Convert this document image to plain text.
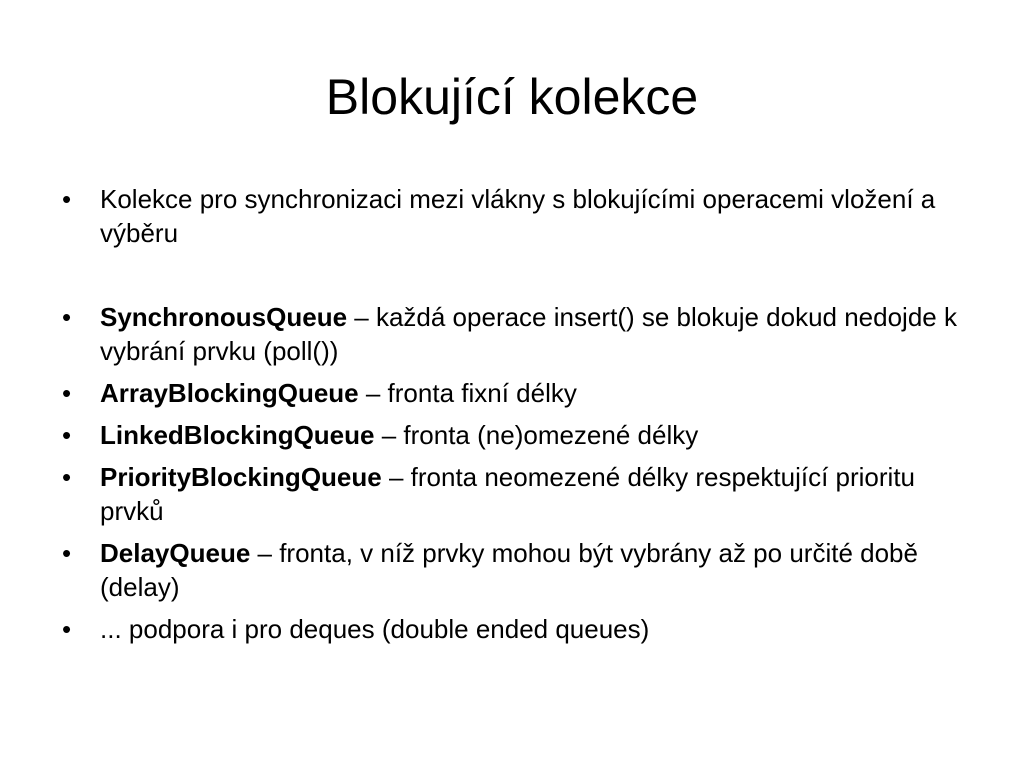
Blokující kolekce
•	Kolekce pro synchronizaci mezi vlákny s blokujícími operacemi vložení a výběru
•	SynchronousQueue – každá operace insert() se blokuje dokud nedojde k vybrání prvku (poll())
•	ArrayBlockingQueue – fronta fixní délky
•	LinkedBlockingQueue – fronta (ne)omezené délky
•	PriorityBlockingQueue – fronta neomezené délky respektující prioritu prvků
•	DelayQueue – fronta, v níž prvky mohou být vybrány až po určité době (delay)
•	... podpora i pro deques (double ended queues)
